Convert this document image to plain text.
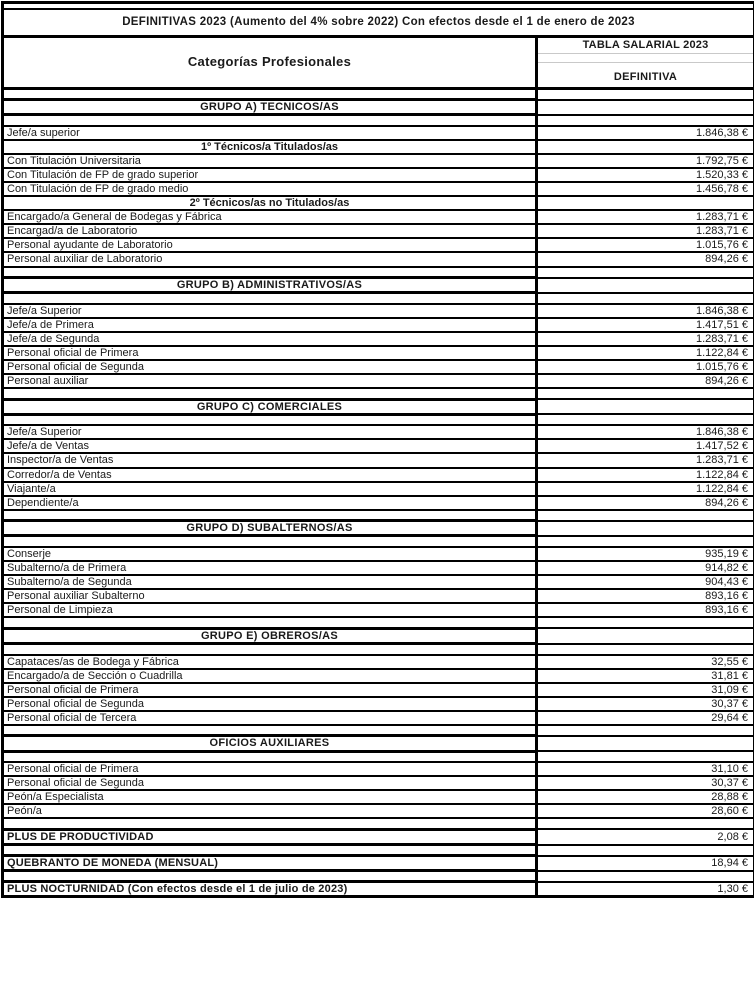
DEFINITIVAS 2023 (Aumento del 4% sobre 2022) Con efectos desde el 1 de enero de 2023	
Categorías Profesionales	TABLA SALARIAL 2023
DEFINITIVA

GRUPO A) TECNICOS/AS	

Jefe/a superior	1.846,38 €
1º Técnicos/a Titulados/as	
Con Titulación Universitaria	1.792,75 €
Con Titulación de FP de grado superior	1.520,33 €
Con Titulación de FP de grado medio	1.456,78 €
2º Técnicos/as no Titulados/as	
Encargado/a General de Bodegas y Fábrica	1.283,71 €
Encargad/a de Laboratorio	1.283,71 €
Personal ayudante de Laboratorio	1.015,76 €
Personal auxiliar de Laboratorio	894,26 €

GRUPO B) ADMINISTRATIVOS/AS	

Jefe/a Superior	1.846,38 €
Jefe/a de Primera	1.417,51 €
Jefe/a de Segunda	1.283,71 €
Personal oficial de Primera	1.122,84 €
Personal oficial de Segunda	1.015,76 €
Personal auxiliar	894,26 €

GRUPO C) COMERCIALES	

Jefe/a Superior	1.846,38 €
Jefe/a de Ventas	1.417,52 €
Inspector/a de Ventas	1.283,71 €
Corredor/a de Ventas	1.122,84 €
Viajante/a	1.122,84 €
Dependiente/a	894,26 €

GRUPO D) SUBALTERNOS/AS	

Conserje	935,19 €
Subalterno/a de Primera	914,82 €
Subalterno/a de Segunda	904,43 €
Personal auxiliar Subalterno	893,16 €
Personal de Limpieza	893,16 €

GRUPO E) OBREROS/AS	

Capataces/as de Bodega y Fábrica	32,55 €
Encargado/a de Sección o Cuadrilla	31,81 €
Personal oficial de Primera	31,09 €
Personal oficial de Segunda	30,37 €
Personal oficial de Tercera	29,64 €

OFICIOS AUXILIARES	

Personal oficial de Primera	31,10 €
Personal oficial de Segunda	30,37 €
Peón/a Especialista	28,88 €
Peón/a	28,60 €

PLUS DE PRODUCTIVIDAD	2,08 €

QUEBRANTO DE MONEDA (MENSUAL)	18,94 €

PLUS NOCTURNIDAD (Con efectos desde el 1 de julio de 2023)	1,30 €
